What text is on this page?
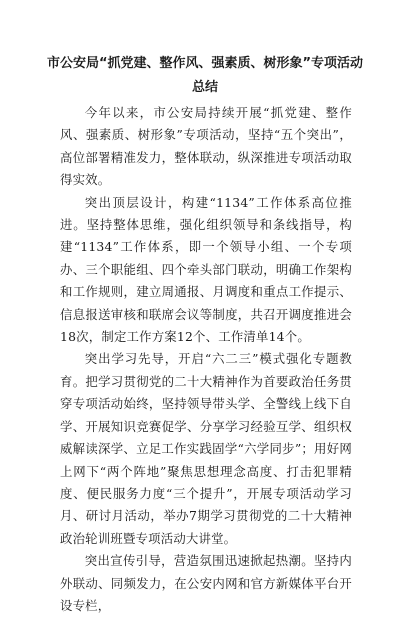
市公安局“抓党建、整作风、强素质、树形象”专项活动
总结

今年以来，市公安局持续开展“抓党建、整作风、强素质、树形象”专项活动，坚持“五个突出”，高位部署精准发力，整体联动，纵深推进专项活动取得实效。

突出顶层设计，构建“1134”工作体系高位推进。坚持整体思维，强化组织领导和条线指导，构建“1134”工作体系，即一个领导小组、一个专项办、三个职能组、四个牵头部门联动，明确工作架构和工作规则，建立周通报、月调度和重点工作提示、信息报送审核和联席会议等制度，共召开调度推进会18次，制定工作方案12个、工作清单14个。

突出学习先导，开启“六二三”模式强化专题教育。把学习贯彻党的二十大精神作为首要政治任务贯穿专项活动始终，坚持领导带头学、全警线上线下自学、开展知识竞赛促学、分享学习经验互学、组织权威解读深学、立足工作实践固学“六学同步”；用好网上网下“两个阵地”聚焦思想理念高度、打击犯罪精度、便民服务力度“三个提升”，开展专项活动学习月、研讨月活动，举办7期学习贯彻党的二十大精神政治轮训班暨专项活动大讲堂。

突出宣传引导，营造氛围迅速掀起热潮。坚持内外联动、同频发力，在公安内网和官方新媒体平台开设专栏，
